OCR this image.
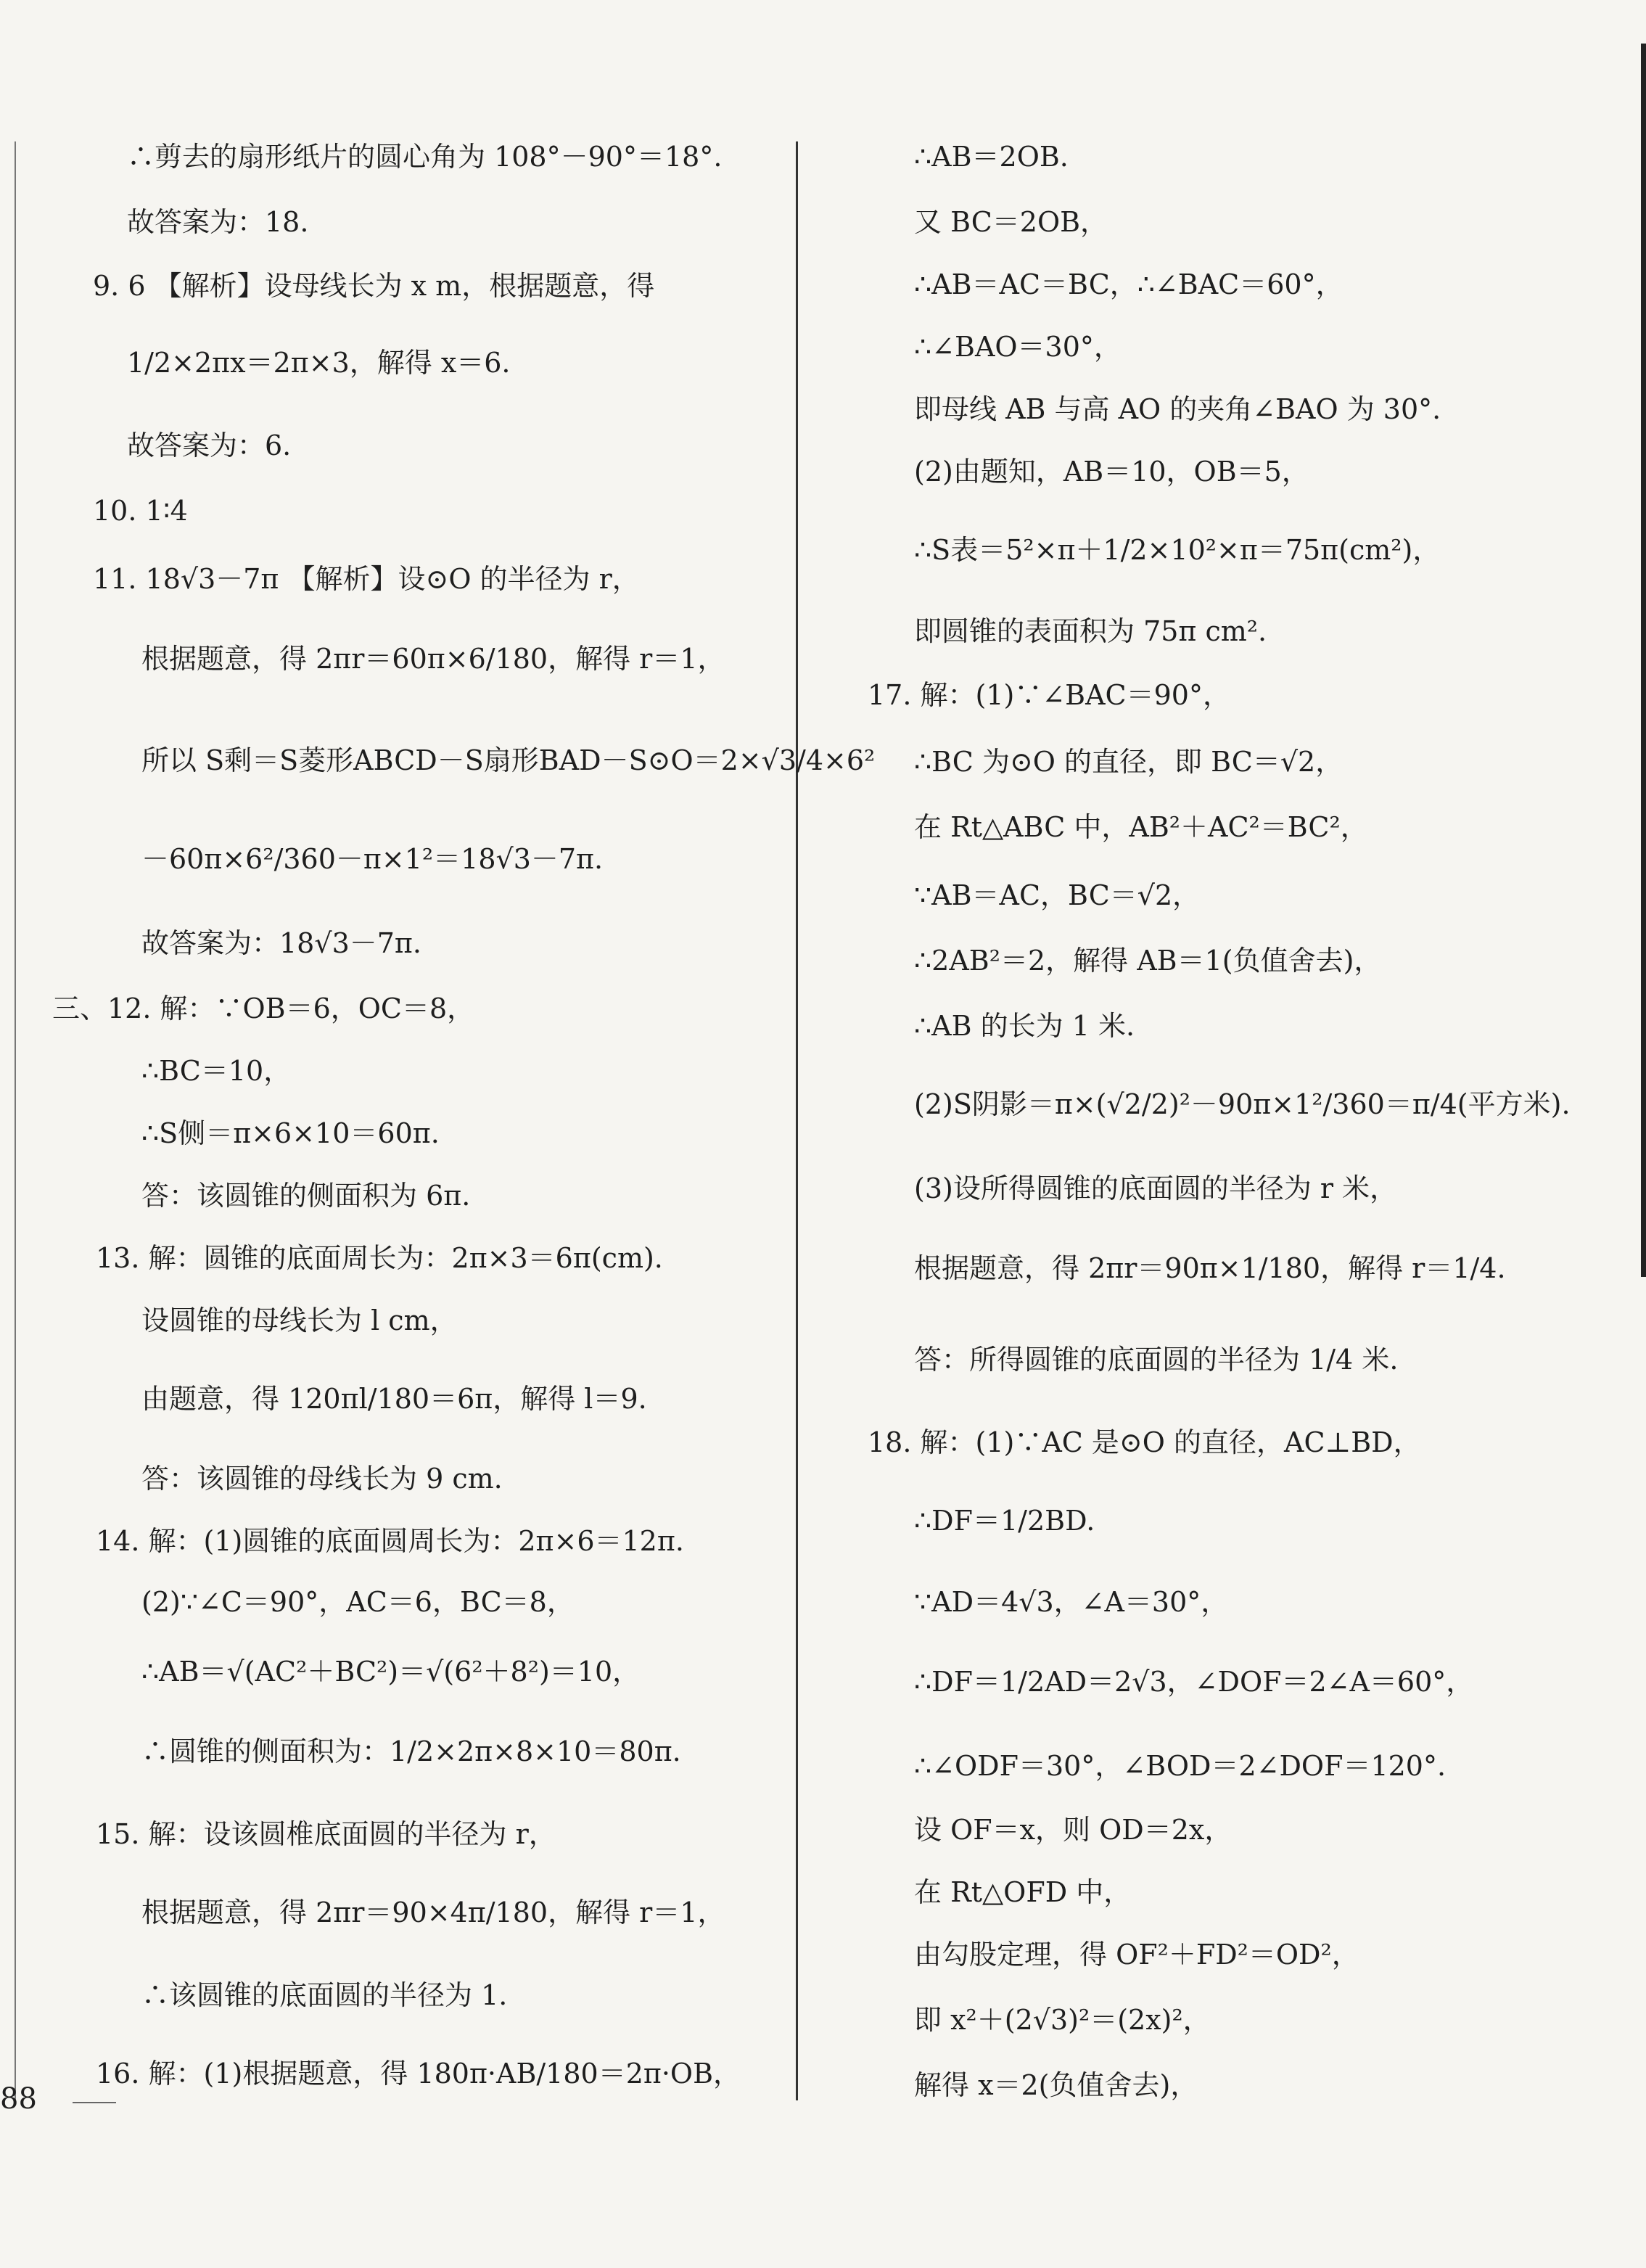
∴剪去的扇形纸片的圆心角为 108°－90°＝18°.
故答案为：18.
9. 6 【解析】设母线长为 x m，根据题意，得
1/2×2πx＝2π×3，解得 x＝6.
故答案为：6.
10. 1∶4
11. 18√3－7π 【解析】设⊙O 的半径为 r，
根据题意，得 2πr＝60π×6/180，解得 r＝1，
所以 S剩＝S菱形ABCD－S扇形BAD－S⊙O＝2×√3/4×6²
－60π×6²/360－π×1²＝18√3－7π.
故答案为：18√3－7π.
三、12. 解：∵OB＝6，OC＝8，
∴BC＝10，
∴S侧＝π×6×10＝60π.
答：该圆锥的侧面积为 6π.
13. 解：圆锥的底面周长为：2π×3＝6π(cm).
设圆锥的母线长为 l cm，
由题意，得 120πl/180＝6π，解得 l＝9.
答：该圆锥的母线长为 9 cm.
14. 解：(1)圆锥的底面圆周长为：2π×6＝12π.
(2)∵∠C＝90°，AC＝6，BC＝8，
∴AB＝√(AC²＋BC²)＝√(6²＋8²)＝10，
∴圆锥的侧面积为：1/2×2π×8×10＝80π.
15. 解：设该圆椎底面圆的半径为 r，
根据题意，得 2πr＝90×4π/180，解得 r＝1，
∴该圆锥的底面圆的半径为 1.
16. 解：(1)根据题意，得 180π·AB/180＝2π·OB，
∴AB＝2OB.
又 BC＝2OB，
∴AB＝AC＝BC，∴∠BAC＝60°，
∴∠BAO＝30°，
即母线 AB 与高 AO 的夹角∠BAO 为 30°.
(2)由题知，AB＝10，OB＝5，
∴S表＝5²×π＋1/2×10²×π＝75π(cm²)，
即圆锥的表面积为 75π cm².
17. 解：(1)∵∠BAC＝90°，
∴BC 为⊙O 的直径，即 BC＝√2，
在 Rt△ABC 中，AB²＋AC²＝BC²，
∵AB＝AC，BC＝√2，
∴2AB²＝2，解得 AB＝1(负值舍去)，
∴AB 的长为 1 米.
(2)S阴影＝π×(√2/2)²－90π×1²/360＝π/4(平方米).
(3)设所得圆锥的底面圆的半径为 r 米，
根据题意，得 2πr＝90π×1/180，解得 r＝1/4.
答：所得圆锥的底面圆的半径为 1/4 米.
18. 解：(1)∵AC 是⊙O 的直径，AC⊥BD，
∴DF＝1/2BD.
∵AD＝4√3，∠A＝30°，
∴DF＝1/2AD＝2√3，∠DOF＝2∠A＝60°，
∴∠ODF＝30°，∠BOD＝2∠DOF＝120°.
设 OF＝x，则 OD＝2x，
在 Rt△OFD 中，
由勾股定理，得 OF²＋FD²＝OD²，
即 x²＋(2√3)²＝(2x)²，
解得 x＝2(负值舍去)，
88
